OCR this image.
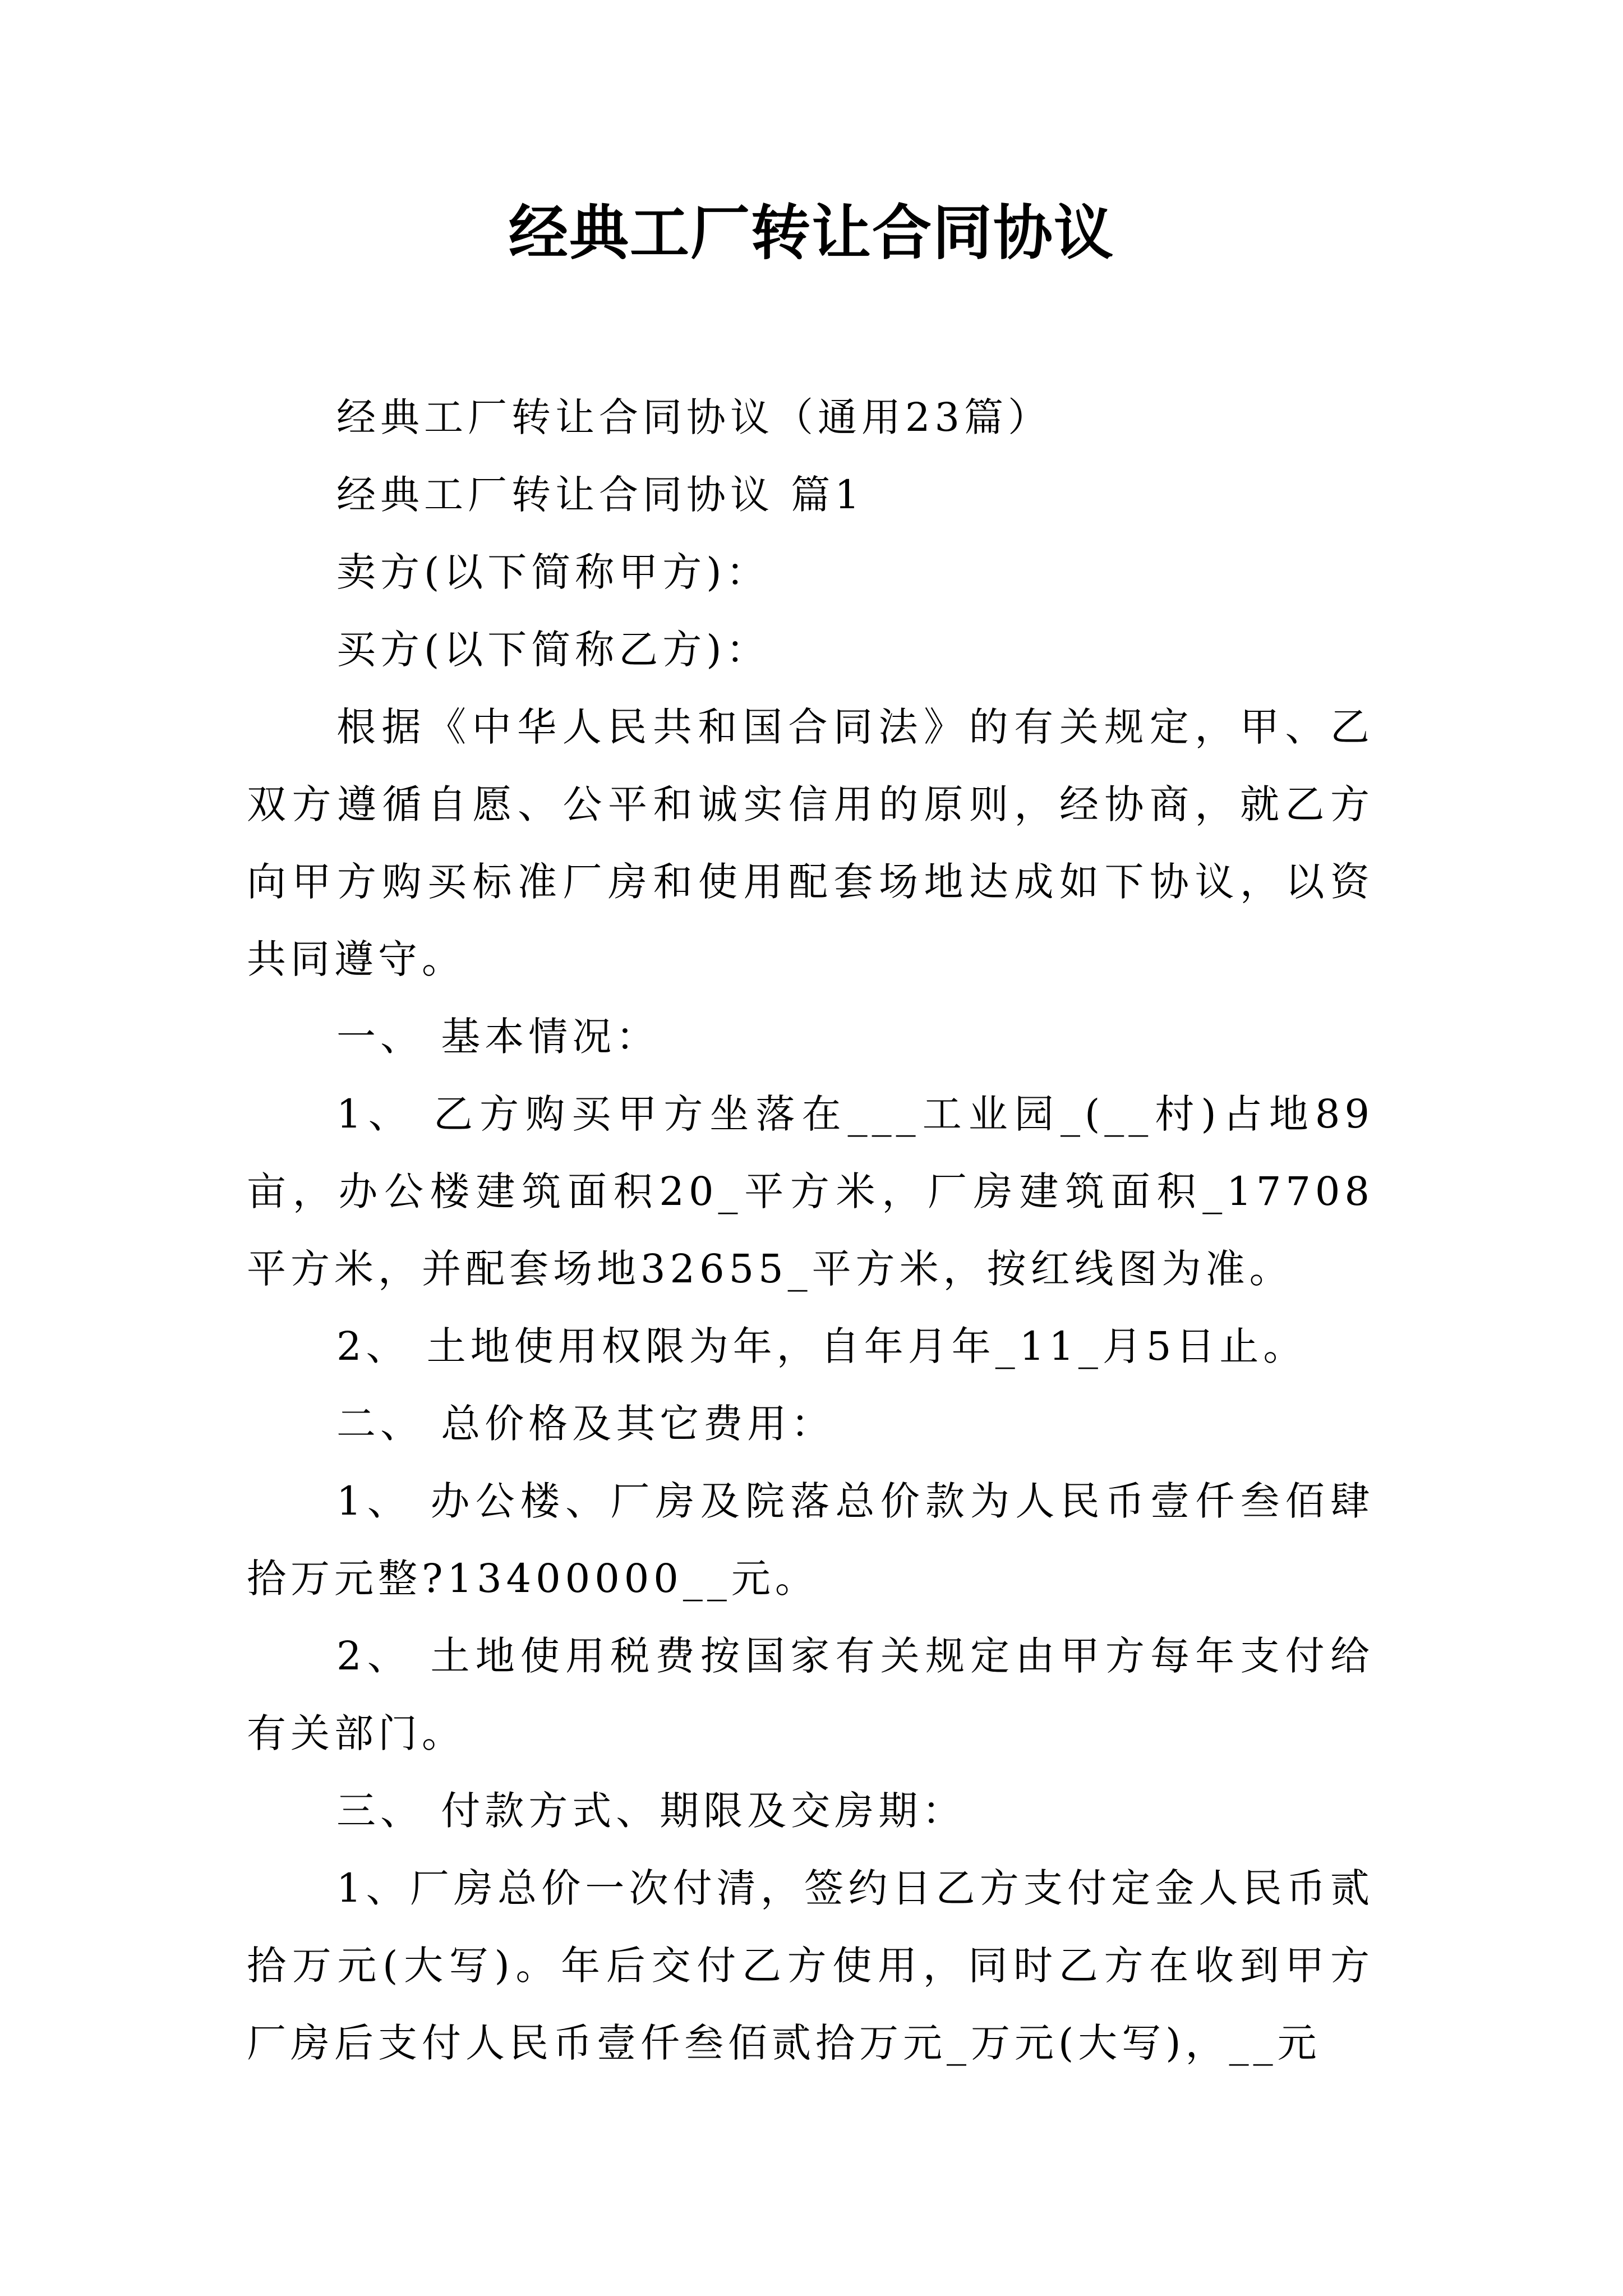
经典工厂转让合同协议

经典工厂转让合同协议（通用23篇）

经典工厂转让合同协议 篇1

卖方(以下简称甲方)：

买方(以下简称乙方)：

根据《中华人民共和国合同法》的有关规定，甲、乙双方遵循自愿、公平和诚实信用的原则，经协商，就乙方向甲方购买标准厂房和使用配套场地达成如下协议，以资共同遵守。

一、 基本情况：

1、 乙方购买甲方坐落在___工业园_(__村)占地89亩，办公楼建筑面积20_平方米，厂房建筑面积_17708平方米，并配套场地32655_平方米，按红线图为准。

2、 土地使用权限为年，自年月年_11_月5日止。

二、 总价格及其它费用：

1、 办公楼、厂房及院落总价款为人民币壹仟叁佰肆拾万元整?13400000__元。

2、 土地使用税费按国家有关规定由甲方每年支付给有关部门。

三、 付款方式、期限及交房期：

1、厂房总价一次付清，签约日乙方支付定金人民币贰拾万元(大写)。年后交付乙方使用，同时乙方在收到甲方厂房后支付人民币壹仟叁佰贰拾万元_万元(大写)，__元
